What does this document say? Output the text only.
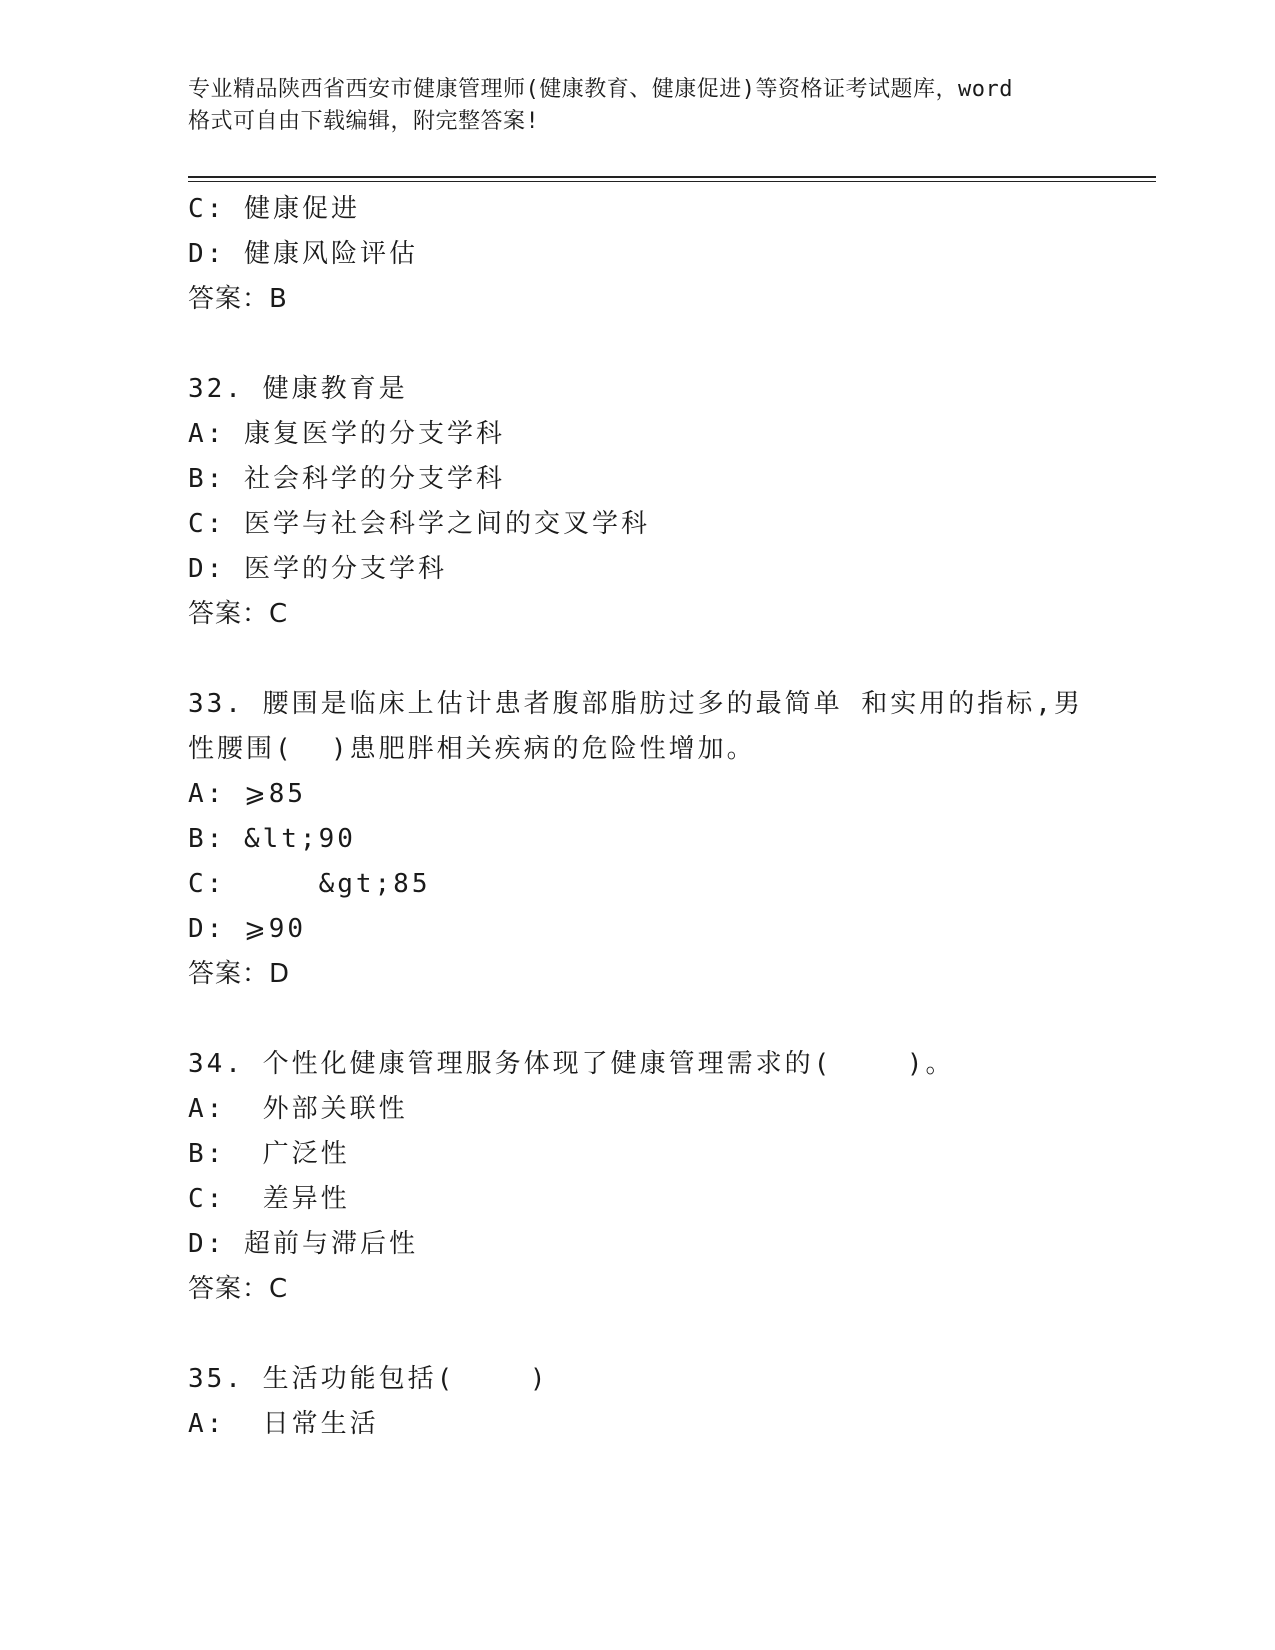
专业精品陕西省西安市健康管理师(健康教育、健康促进)等资格证考试题库，word
格式可自由下载编辑，附完整答案!
C: 健康促进
D: 健康风险评估
答案：B
32. 健康教育是
A: 康复医学的分支学科
B: 社会科学的分支学科
C: 医学与社会科学之间的交叉学科
D: 医学的分支学科
答案：C
33. 腰围是临床上估计患者腹部脂肪过多的最简单 和实用的指标,男
性腰围(  )患肥胖相关疾病的危险性增加。
A: ⩾85
B: &lt;90
C:     &gt;85
D: ⩾90
答案：D
34. 个性化健康管理服务体现了健康管理需求的(    )。
A:  外部关联性
B:  广泛性
C:  差异性
D: 超前与滞后性
答案：C
35. 生活功能包括(    )
A:  日常生活
